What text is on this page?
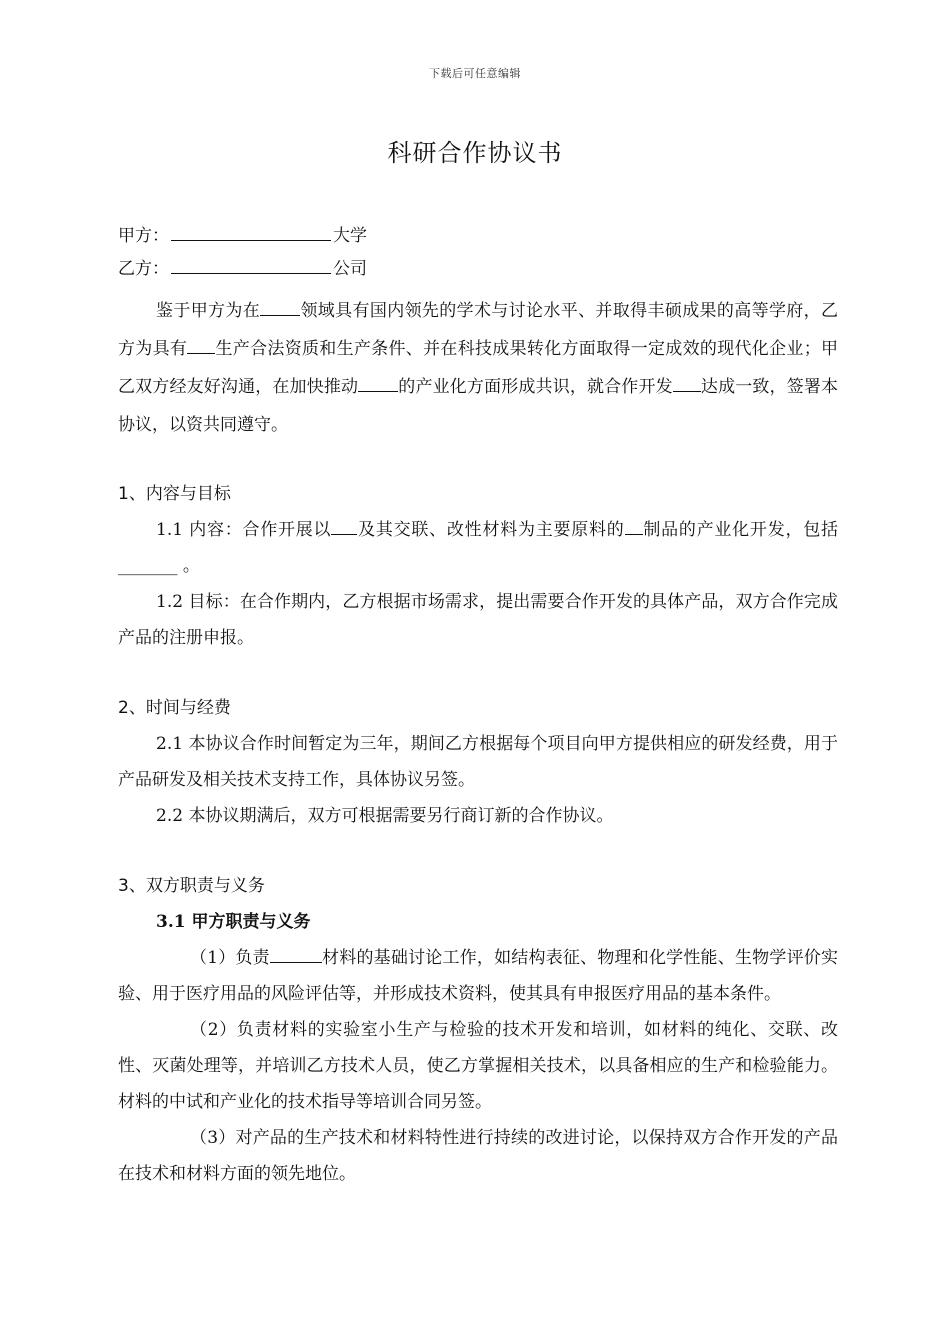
下载后可任意编辑
科研合作协议书

甲方：	大学

乙方：	公司

鉴于甲方为在 领域具有国内领先的学术与讨论水平、并取得丰硕成果的高等学府，乙方为具有 生产合法资质和生产条件、并在科技成果转化方面取得一定成效的现代化企业；甲乙双方经友好沟通，在加快推动 的产业化方面形成共识，就合作开发 达成一致，签署本协议，以资共同遵守。

1、内容与目标

1.1 内容：合作开展以 及其交联、改性材料为主要原料的 制品的产业化开发，包括 _______ 。

1.2 目标：在合作期内，乙方根据市场需求，提出需要合作开发的具体产品，双方合作完成产品的注册申报。

2、时间与经费

2.1 本协议合作时间暂定为三年，期间乙方根据每个项目向甲方提供相应的研发经费，用于产品研发及相关技术支持工作，具体协议另签。

2.2 本协议期满后，双方可根据需要另行商订新的合作协议。

3、双方职责与义务

3.1 甲方职责与义务

（1）负责	材料的基础讨论工作，如结构表征、物理和化学性能、生物学评价实验、用于医疗用品的风险评估等，并形成技术资料，使其具有申报医疗用品的基本条件。

（2）负责材料的实验室小生产与检验的技术开发和培训，如材料的纯化、交联、改性、灭菌处理等，并培训乙方技术人员，使乙方掌握相关技术，以具备相应的生产和检验能力。材料的中试和产业化的技术指导等培训合同另签。

（3）对产品的生产技术和材料特性进行持续的改进讨论，以保持双方合作开发的产品在技术和材料方面的领先地位。
